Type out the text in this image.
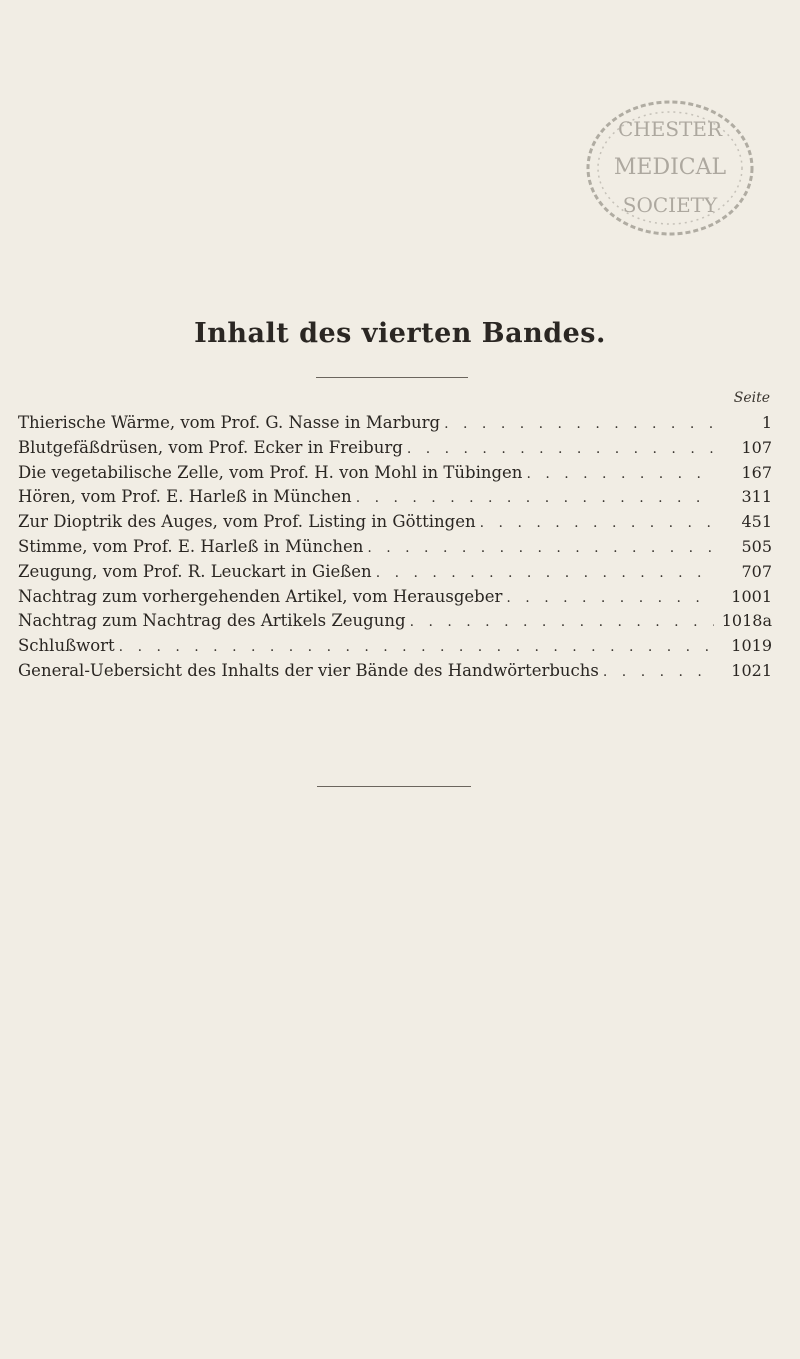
CHESTER
MEDICAL
SOCIETY
Inhalt des vierten Bandes.
Seite
Thierische Wärme, vom Prof. G. Nasse in Marburg . . .	1
Blutgefäßdrüsen, vom Prof. Ecker in Freiburg . . .	107
Die vegetabilische Zelle, vom Prof. H. von Mohl in Tübingen . . .	167
Hören, vom Prof. E. Harleß in München . . .	311
Zur Dioptrik des Auges, vom Prof. Listing in Göttingen . . .	451
Stimme, vom Prof. E. Harleß in München . . .	505
Zeugung, vom Prof. R. Leuckart in Gießen . . .	707
Nachtrag zum vorhergehenden Artikel, vom Herausgeber . . .	1001
Nachtrag zum Nachtrag des Artikels Zeugung . . .	1018a
Schlußwort . . .	1019
General-Uebersicht des Inhalts der vier Bände des Handwörterbuchs . . .	1021
